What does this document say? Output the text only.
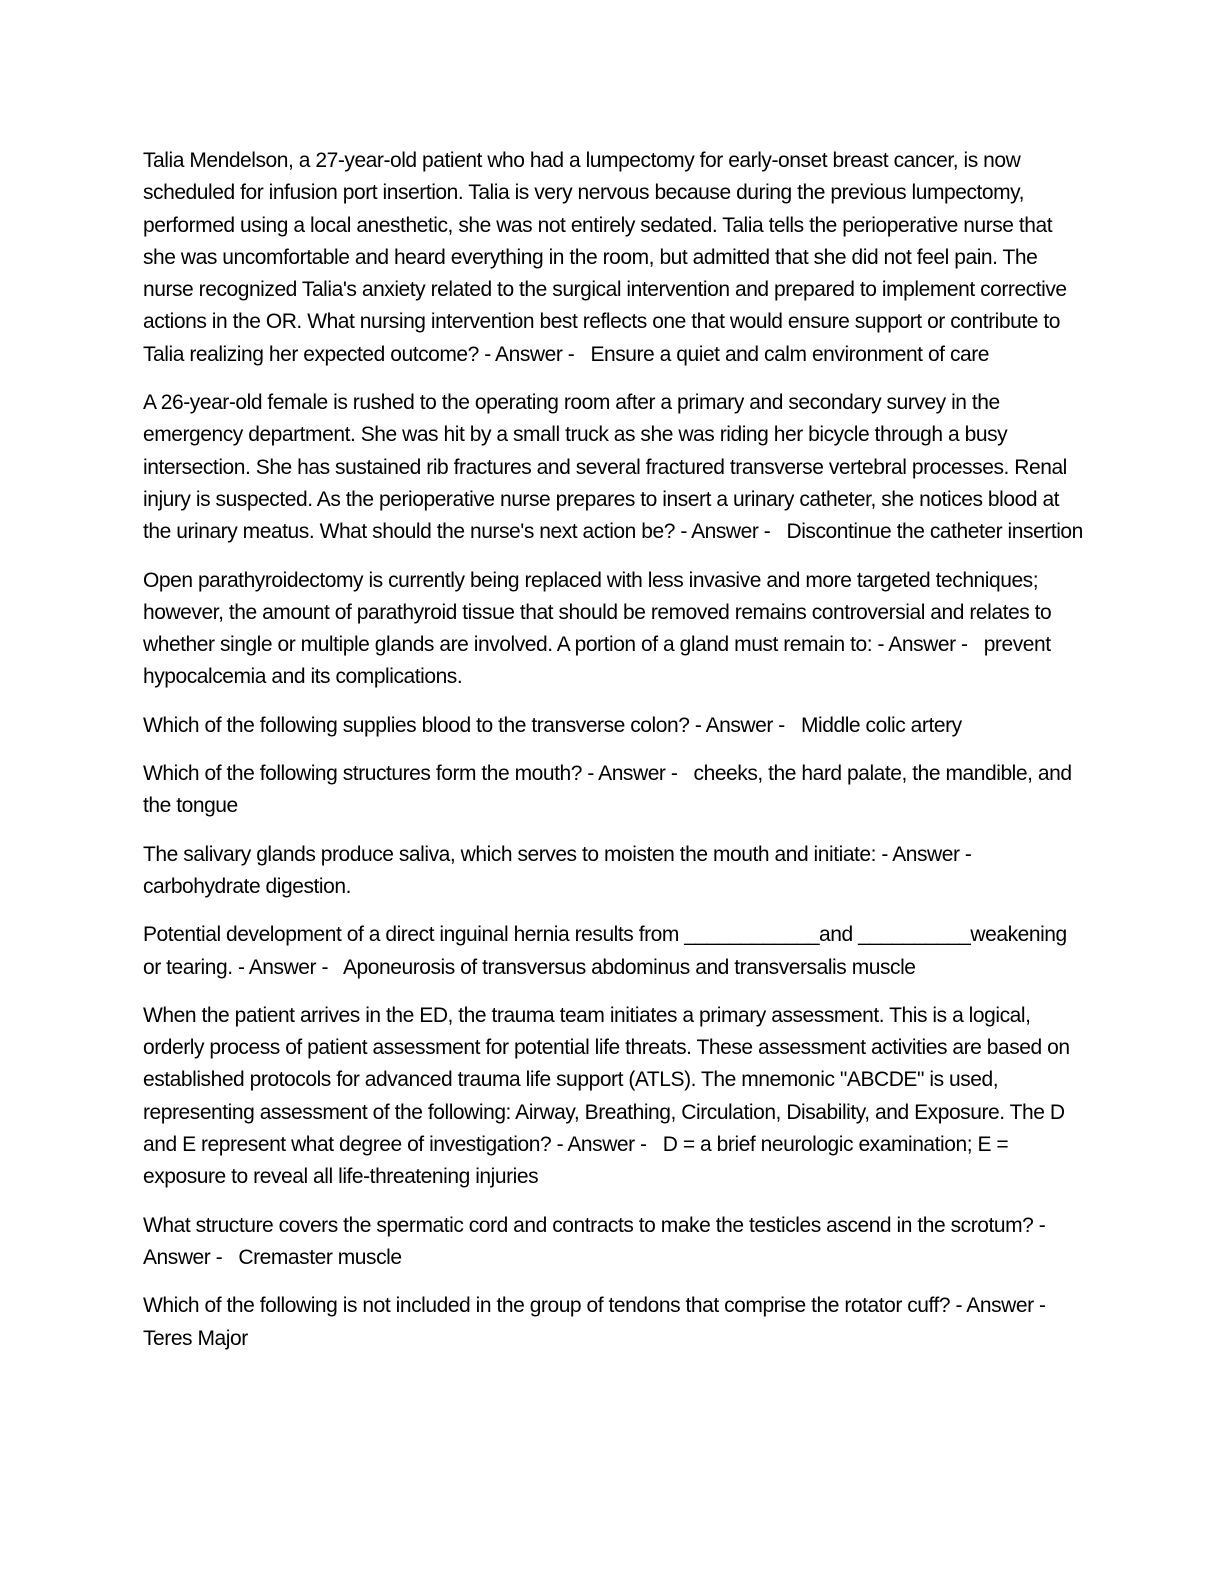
Talia Mendelson, a 27-year-old patient who had a lumpectomy for early-onset breast cancer, is now scheduled for infusion port insertion. Talia is very nervous because during the previous lumpectomy, performed using a local anesthetic, she was not entirely sedated. Talia tells the perioperative nurse that she was uncomfortable and heard everything in the room, but admitted that she did not feel pain. The nurse recognized Talia's anxiety related to the surgical intervention and prepared to implement corrective actions in the OR. What nursing intervention best reflects one that would ensure support or contribute to Talia realizing her expected outcome? - Answer -   Ensure a quiet and calm environment of care

A 26-year-old female is rushed to the operating room after a primary and secondary survey in the emergency department. She was hit by a small truck as she was riding her bicycle through a busy intersection. She has sustained rib fractures and several fractured transverse vertebral processes. Renal injury is suspected. As the perioperative nurse prepares to insert a urinary catheter, she notices blood at the urinary meatus. What should the nurse's next action be? - Answer -   Discontinue the catheter insertion

Open parathyroidectomy is currently being replaced with less invasive and more targeted techniques; however, the amount of parathyroid tissue that should be removed remains controversial and relates to whether single or multiple glands are involved. A portion of a gland must remain to: - Answer -   prevent hypocalcemia and its complications.

Which of the following supplies blood to the transverse colon? - Answer -   Middle colic artery

Which of the following structures form the mouth? - Answer -   cheeks, the hard palate, the mandible, and the tongue

The salivary glands produce saliva, which serves to moisten the mouth and initiate: - Answer - carbohydrate digestion.

Potential development of a direct inguinal hernia results from ____________and __________weakening or tearing. - Answer -   Aponeurosis of transversus abdominus and transversalis muscle

When the patient arrives in the ED, the trauma team initiates a primary assessment. This is a logical, orderly process of patient assessment for potential life threats. These assessment activities are based on established protocols for advanced trauma life support (ATLS). The mnemonic "ABCDE" is used, representing assessment of the following: Airway, Breathing, Circulation, Disability, and Exposure. The D and E represent what degree of investigation? - Answer -   D = a brief neurologic examination; E = exposure to reveal all life-threatening injuries

What structure covers the spermatic cord and contracts to make the testicles ascend in the scrotum? - Answer -   Cremaster muscle

Which of the following is not included in the group of tendons that comprise the rotator cuff? - Answer - Teres Major
